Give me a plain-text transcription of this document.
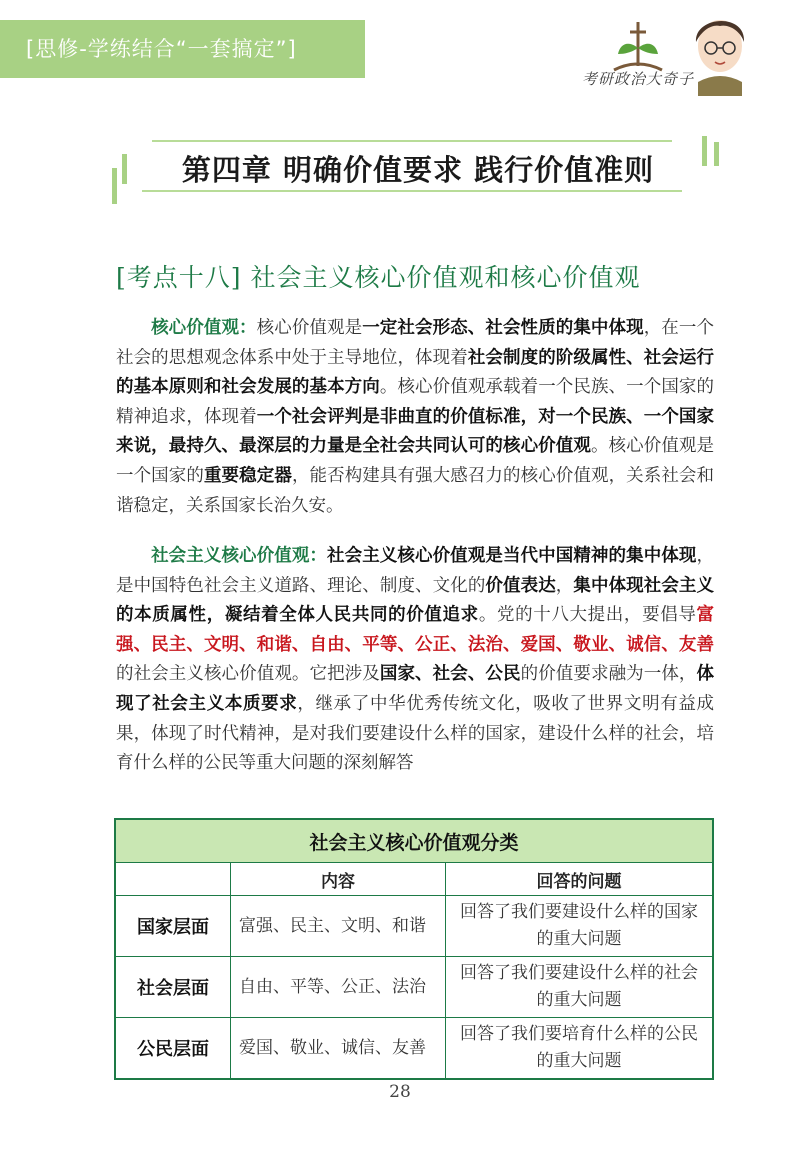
[思修-学练结合“一套搞定”]
考研政治大奇子
第四章 明确价值要求 践行价值准则
[考点十八] 社会主义核心价值观和核心价值观
核心价值观：核心价值观是一定社会形态、社会性质的集中体现，在一个社会的思想观念体系中处于主导地位，体现着社会制度的阶级属性、社会运行的基本原则和社会发展的基本方向。核心价值观承载着一个民族、一个国家的精神追求，体现着一个社会评判是非曲直的价值标准，对一个民族、一个国家来说，最持久、最深层的力量是全社会共同认可的核心价值观。核心价值观是一个国家的重要稳定器，能否构建具有强大感召力的核心价值观，关系社会和谐稳定，关系国家长治久安。
社会主义核心价值观：社会主义核心价值观是当代中国精神的集中体现，是中国特色社会主义道路、理论、制度、文化的价值表达，集中体现社会主义的本质属性，凝结着全体人民共同的价值追求。党的十八大提出，要倡导富强、民主、文明、和谐、自由、平等、公正、法治、爱国、敬业、诚信、友善的社会主义核心价值观。它把涉及国家、社会、公民的价值要求融为一体，体现了社会主义本质要求，继承了中华优秀传统文化，吸收了世界文明有益成果，体现了时代精神，是对我们要建设什么样的国家，建设什么样的社会，培育什么样的公民等重大问题的深刻解答
社会主义核心价值观分类		
	内容	回答的问题
国家层面	富强、民主、文明、和谐	回答了我们要建设什么样的国家的重大问题
社会层面	自由、平等、公正、法治	回答了我们要建设什么样的社会的重大问题
公民层面	爱国、敬业、诚信、友善	回答了我们要培育什么样的公民的重大问题
28
